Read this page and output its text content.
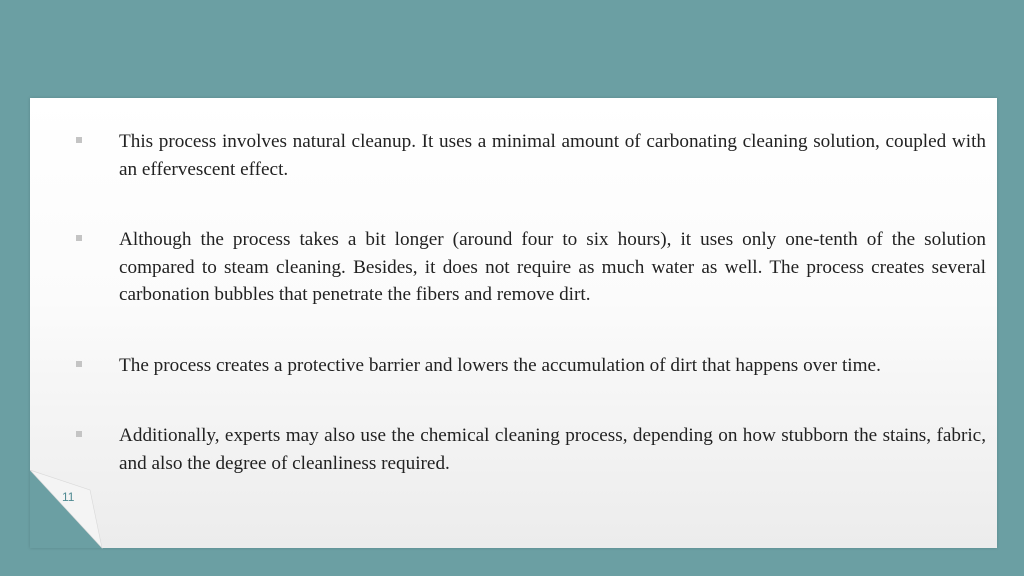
This process involves natural cleanup. It uses a minimal amount of carbonating cleaning solution, coupled with an effervescent effect.
Although the process takes a bit longer (around four to six hours), it uses only one-tenth of the solution compared to steam cleaning. Besides, it does not require as much water as well. The process creates several carbonation bubbles that penetrate the fibers and remove dirt.
The process creates a protective barrier and lowers the accumulation of dirt that happens over time.
Additionally, experts may also use the chemical cleaning process, depending on how stubborn the stains, fabric, and also the degree of cleanliness required.
11
